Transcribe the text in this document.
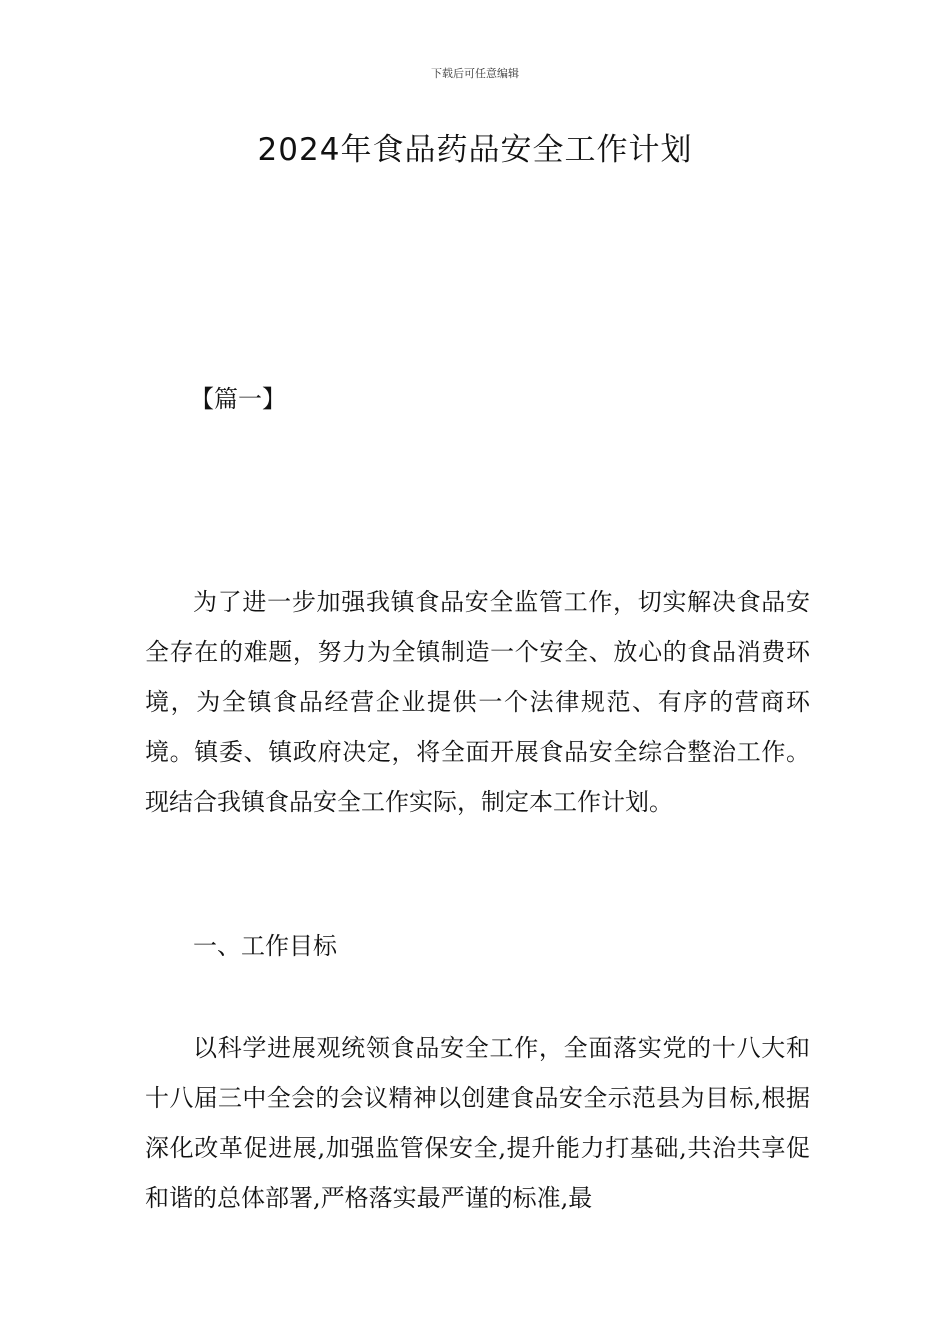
下载后可任意编辑
2024年食品药品安全工作计划
【篇一】

为了进一步加强我镇食品安全监管工作，切实解决食品安全存在的难题，努力为全镇制造一个安全、放心的食品消费环境，为全镇食品经营企业提供一个法律规范、有序的营商环境。镇委、镇政府决定，将全面开展食品安全综合整治工作。现结合我镇食品安全工作实际，制定本工作计划。

一、工作目标

以科学进展观统领食品安全工作，全面落实党的十八大和十八届三中全会的会议精神以创建食品安全示范县为目标,根据深化改革促进展,加强监管保安全,提升能力打基础,共治共享促和谐的总体部署,严格落实最严谨的标准,最
